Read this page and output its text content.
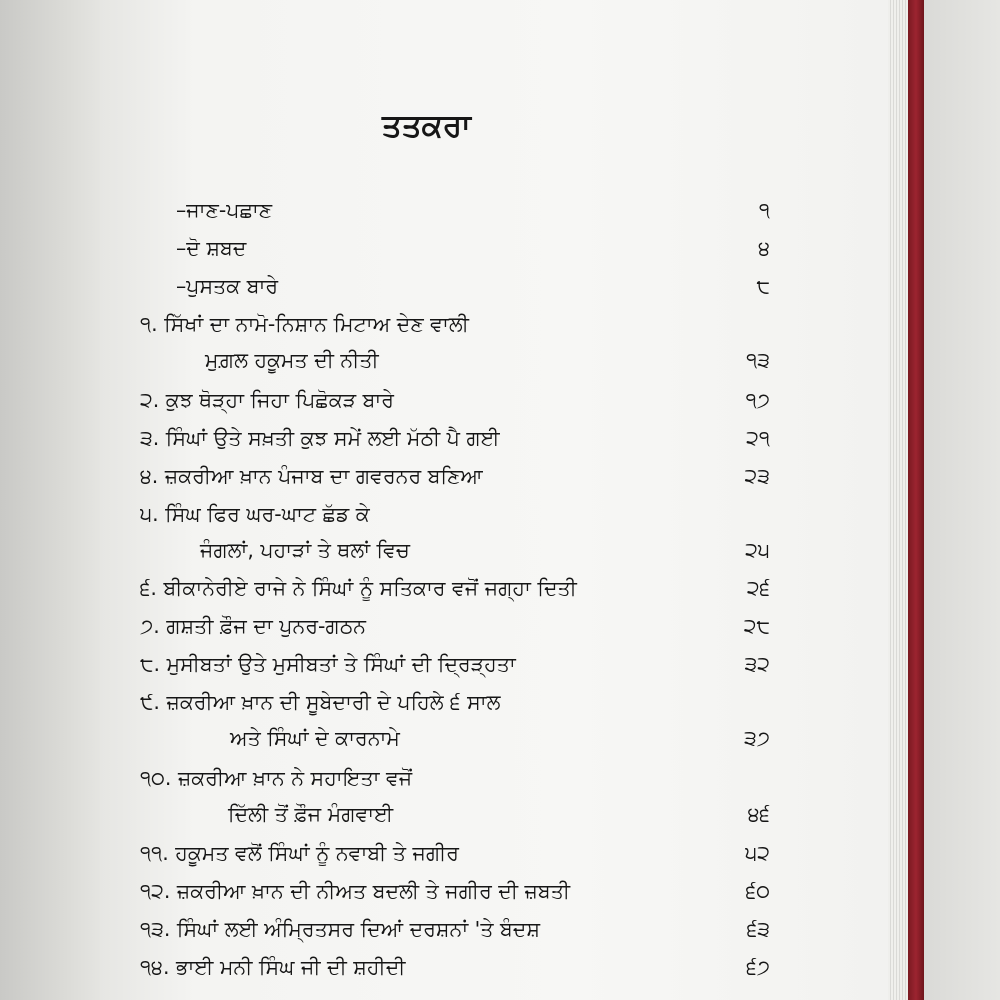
ਤਤਕਰਾ
–ਜਾਣ-ਪਛਾਣ	੧
–ਦੋ ਸ਼ਬਦ	੪
–ਪੁਸਤਕ ਬਾਰੇ	੮
੧. ਸਿੱਖਾਂ ਦਾ ਨਾਮੋ-ਨਿਸ਼ਾਨ ਮਿਟਾਅ ਦੇਣ ਵਾਲੀ
ਮੁਗ਼ਲ ਹਕੂਮਤ ਦੀ ਨੀਤੀ	੧੩
੨. ਕੁਝ ਥੋੜ੍ਹਾ ਜਿਹਾ ਪਿਛੋਕੜ ਬਾਰੇ	੧੭
੩. ਸਿੰਘਾਂ ਉਤੇ ਸਖ਼ਤੀ ਕੁਝ ਸਮੇਂ ਲਈ ਮੱਠੀ ਪੈ ਗਈ	੨੧
੪. ਜ਼ਕਰੀਆ ਖ਼ਾਨ ਪੰਜਾਬ ਦਾ ਗਵਰਨਰ ਬਣਿਆ	੨੩
੫. ਸਿੰਘ ਫਿਰ ਘਰ-ਘਾਟ ਛੱਡ ਕੇ
ਜੰਗਲਾਂ, ਪਹਾੜਾਂ ਤੇ ਥਲਾਂ ਵਿਚ	੨੫
੬. ਬੀਕਾਨੇਰੀਏ ਰਾਜੇ ਨੇ ਸਿੰਘਾਂ ਨੂੰ ਸਤਿਕਾਰ ਵਜੋਂ ਜਗ੍ਹਾ ਦਿਤੀ	੨੬
੭. ਗਸ਼ਤੀ ਫ਼ੌਜ ਦਾ ਪੁਨਰ-ਗਠਨ	੨੮
੮. ਮੁਸੀਬਤਾਂ ਉਤੇ ਮੁਸੀਬਤਾਂ ਤੇ ਸਿੰਘਾਂ ਦੀ ਦ੍ਰਿੜ੍ਹਤਾ	੩੨
੯. ਜ਼ਕਰੀਆ ਖ਼ਾਨ ਦੀ ਸੂਬੇਦਾਰੀ ਦੇ ਪਹਿਲੇ ੬ ਸਾਲ
ਅਤੇ ਸਿੰਘਾਂ ਦੇ ਕਾਰਨਾਮੇ	੩੭
੧੦. ਜ਼ਕਰੀਆ ਖ਼ਾਨ ਨੇ ਸਹਾਇਤਾ ਵਜੋਂ
ਦਿੱਲੀ ਤੋਂ ਫ਼ੌਜ ਮੰਗਵਾਈ	੪੬
੧੧. ਹਕੂਮਤ ਵਲੋਂ ਸਿੰਘਾਂ ਨੂੰ ਨਵਾਬੀ ਤੇ ਜਗੀਰ	੫੨
੧੨. ਜ਼ਕਰੀਆ ਖ਼ਾਨ ਦੀ ਨੀਅਤ ਬਦਲੀ ਤੇ ਜਗੀਰ ਦੀ ਜ਼ਬਤੀ	੬੦
੧੩. ਸਿੰਘਾਂ ਲਈ ਅੰਮ੍ਰਿਤਸਰ ਦਿਆਂ ਦਰਸ਼ਨਾਂ 'ਤੇ ਬੰਦਸ਼	੬੩
੧੪. ਭਾਈ ਮਨੀ ਸਿੰਘ ਜੀ ਦੀ ਸ਼ਹੀਦੀ	੬੭
